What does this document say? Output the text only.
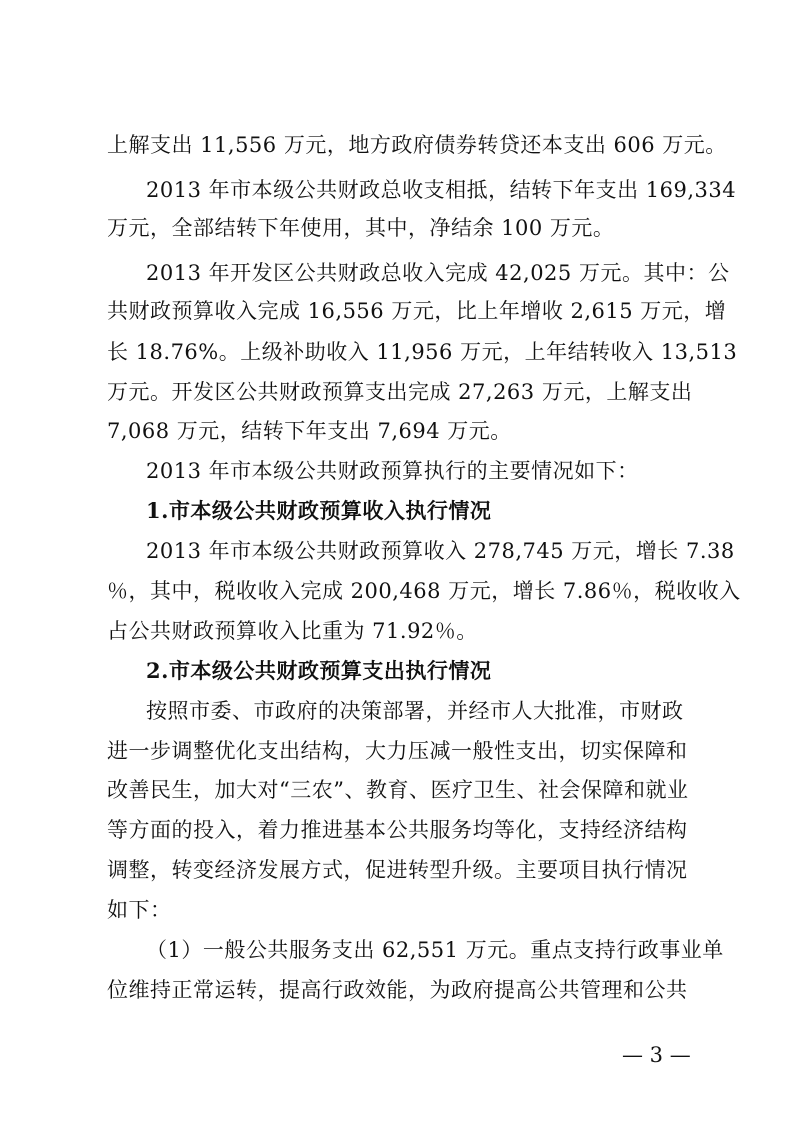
上解支出 11,556 万元，地方政府债券转贷还本支出 606 万元。
2013 年市本级公共财政总收支相抵，结转下年支出 169,334
万元，全部结转下年使用，其中，净结余 100 万元。
2013 年开发区公共财政总收入完成 42,025 万元。其中：公
共财政预算收入完成 16,556 万元，比上年增收 2,615 万元，增
长 18.76%。上级补助收入 11,956 万元，上年结转收入 13,513
万元。开发区公共财政预算支出完成 27,263 万元，上解支出
7,068 万元，结转下年支出 7,694 万元。
2013 年市本级公共财政预算执行的主要情况如下：
1.市本级公共财政预算收入执行情况
2013 年市本级公共财政预算收入 278,745 万元，增长 7.38
％，其中，税收收入完成 200,468 万元，增长 7.86％，税收收入
占公共财政预算收入比重为 71.92％。
2.市本级公共财政预算支出执行情况
按照市委、市政府的决策部署，并经市人大批准，市财政
进一步调整优化支出结构，大力压减一般性支出，切实保障和
改善民生，加大对“三农”、教育、医疗卫生、社会保障和就业
等方面的投入，着力推进基本公共服务均等化，支持经济结构
调整，转变经济发展方式，促进转型升级。主要项目执行情况
如下：
（1）一般公共服务支出 62,551 万元。重点支持行政事业单
位维持正常运转，提高行政效能，为政府提高公共管理和公共
— 3 —
